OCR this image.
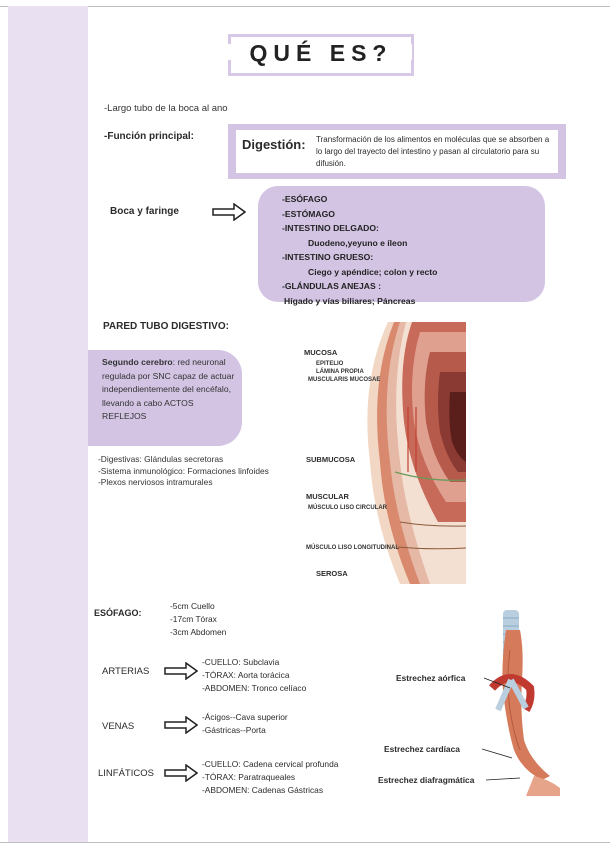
QUÉ ES?
-Largo tubo de la boca al ano
-Función principal:
Digestión: Transformación de los alimentos en moléculas que se absorben a lo largo del trayecto del intestino y pasan al circulatorio para su difusión.
Boca y faringe
-ESÓFAGO
-ESTÓMAGO
-INTESTINO DELGADO:
Duodeno,yeyuno e íleon
-INTESTINO GRUESO:
Ciego y apéndice; colon y recto
-GLÁNDULAS ANEJAS :
Hígado y vías biliares; Páncreas
PARED TUBO DIGESTIVO:
Segundo cerebro: red neuronal regulada por SNC capaz de actuar independientemente del encéfalo, llevando a cabo ACTOS REFLEJOS
-Digestivas: Glándulas secretoras
-Sistema inmunológico: Formaciones linfoides
-Plexos nerviosos intramurales
MUCOSA
EPITELIO
LÁMINA PROPIA
MUSCULARIS MUCOSAE
SUBMUCOSA
MUSCULAR
MÚSCULO LISO CIRCULAR
MÚSCULO LISO LONGITUDINAL
SEROSA
ESÓFAGO:
-5cm Cuello
-17cm Tórax
-3cm Abdomen
ARTERIAS
-CUELLO: Subclavia
-TÓRAX: Aorta torácica
-ABDOMEN: Tronco celíaco
VENAS
-Ácigos--Cava superior
-Gástricas--Porta
LINFÁTICOS
-CUELLO: Cadena cervical profunda
-TÓRAX: Paratraqueales
-ABDOMEN: Cadenas Gástricas
Estrechez aórfica
Estrechez cardíaca
Estrechez diafragmática
